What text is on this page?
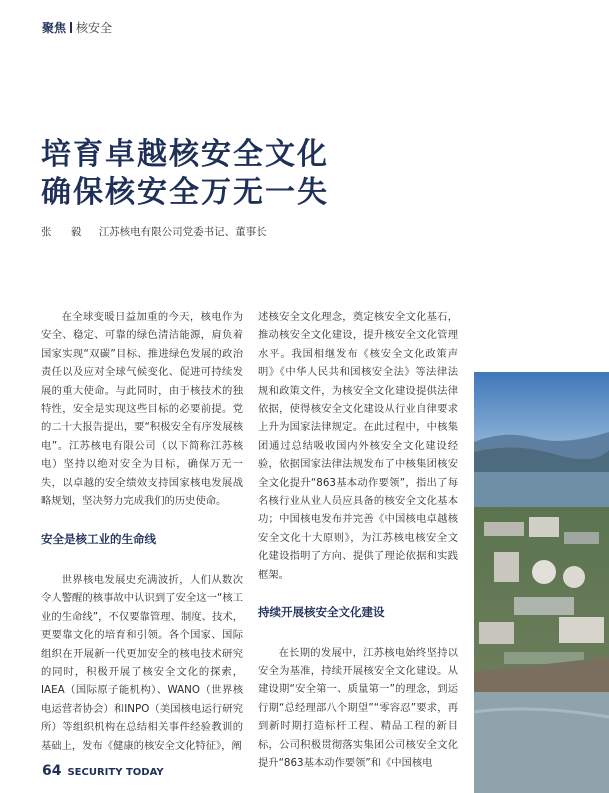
聚焦 核安全
培育卓越核安全文化
确保核安全万无一失
张 毅 江苏核电有限公司党委书记、董事长

在全球变暖日益加重的今天，核电作为安全、稳定、可靠的绿色清洁能源，肩负着国家实现“双碳”目标、推进绿色发展的政治责任以及应对全球气候变化、促进可持续发展的重大使命。与此同时，由于核技术的独特性，安全是实现这些目标的必要前提。党的二十大报告提出，要“积极安全有序发展核电”。江苏核电有限公司（以下简称江苏核电）坚持以绝对安全为目标，确保万无一失，以卓越的安全绩效支持国家核电发展战略规划，坚决努力完成我们的历史使命。

安全是核工业的生命线

世界核电发展史充满波折，人们从数次令人警醒的核事故中认识到了安全这一“核工业的生命线”，不仅要靠管理、制度、技术，更要靠文化的培育和引领。各个国家、国际组织在开展新一代更加安全的核电技术研究的同时，积极开展了核安全文化的探索，IAEA（国际原子能机构）、WANO（世界核电运营者协会）和INPO（美国核电运行研究所）等组织机构在总结相关事件经验教训的基础上，发布《健康的核安全文化特征》，阐

述核安全文化理念，奠定核安全文化基石，推动核安全文化建设，提升核安全文化管理水平。我国相继发布《核安全文化政策声明》《中华人民共和国核安全法》等法律法规和政策文件，为核安全文化建设提供法律依据，使得核安全文化建设从行业自律要求上升为国家法律规定。在此过程中，中核集团通过总结吸收国内外核安全文化建设经验，依据国家法律法规发布了中核集团核安全文化提升“863基本动作要领”，指出了每名核行业从业人员应具备的核安全文化基本功；中国核电发布并完善《中国核电卓越核安全文化十大原则》，为江苏核电核安全文化建设指明了方向、提供了理论依据和实践框架。

持续开展核安全文化建设

在长期的发展中，江苏核电始终坚持以安全为基准，持续开展核安全文化建设。从建设期“安全第一、质量第一”的理念，到运行期“总经理部八个期望”“零容忍”要求，再到新时期打造标杆工程、精品工程的新目标，公司积极贯彻落实集团公司核安全文化提升“863基本动作要领”和《中国核电

64 SECURITY TODAY
